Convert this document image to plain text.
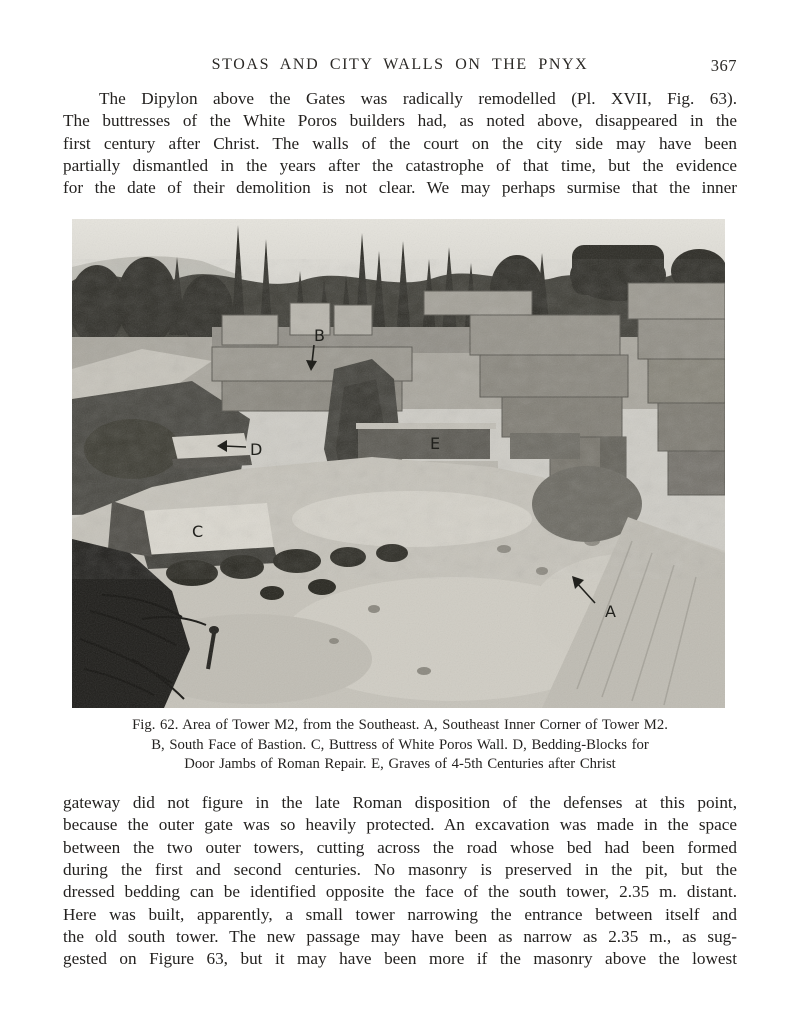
STOAS AND CITY WALLS ON THE PNYX	367
The Dipylon above the Gates was radically remodelled (Pl. XVII, Fig. 63).
The buttresses of the White Poros builders had, as noted above, disappeared in the
first century after Christ. The walls of the court on the city side may have been
partially dismantled in the years after the catastrophe of that time, but the evidence
for the date of their demolition is not clear. We may perhaps surmise that the inner
A
B
C
D	E
Fig. 62. Area of Tower M2, from the Southeast. A, Southeast Inner Corner of Tower M2.
B, South Face of Bastion. C, Buttress of White Poros Wall. D, Bedding-Blocks for
Door Jambs of Roman Repair. E, Graves of 4-5th Centuries after Christ
gateway did not figure in the late Roman disposition of the defenses at this point,
because the outer gate was so heavily protected. An excavation was made in the space
between the two outer towers, cutting across the road whose bed had been formed
during the first and second centuries. No masonry is preserved in the pit, but the
dressed bedding can be identified opposite the face of the south tower, 2.35 m. distant.
Here was built, apparently, a small tower narrowing the entrance between itself and
the old south tower. The new passage may have been as narrow as 2.35 m., as sug-
gested on Figure 63, but it may have been more if the masonry above the lowest
